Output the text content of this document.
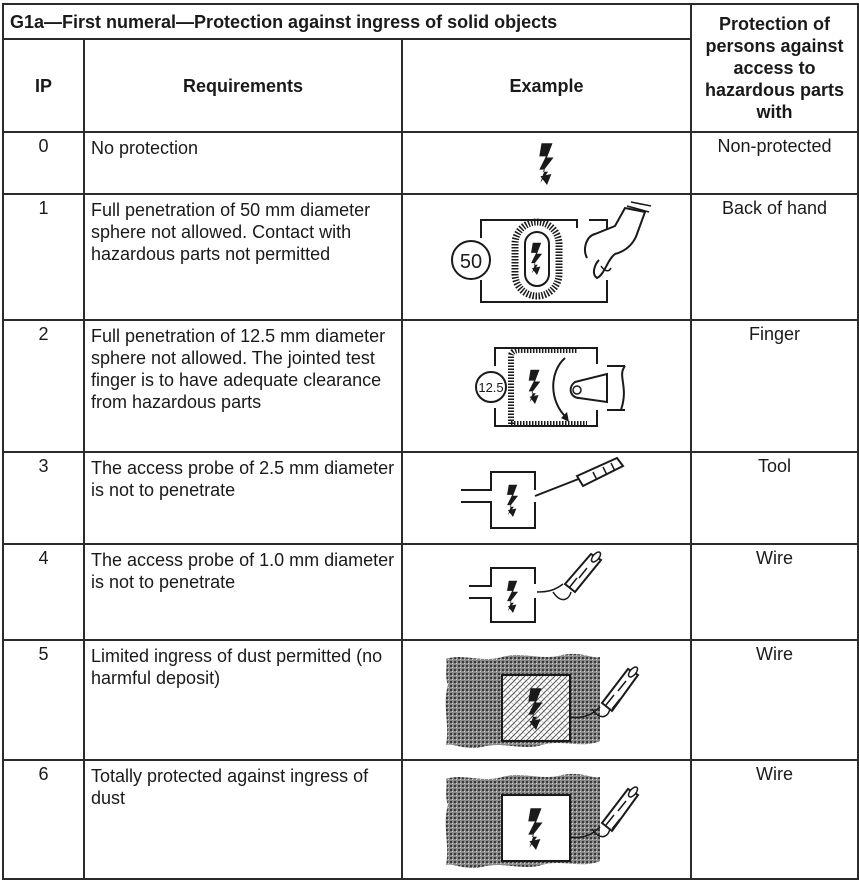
G1a—First numeral—Protection against ingress of solid objects			Protection of persons against access to hazardous parts with
IP	Requirements	Example	
0	No protection		Non-protected
1	Full penetration of 50 mm diameter sphere not allowed. Contact with hazardous parts not permitted	50	Back of hand
2	Full penetration of 12.5 mm diameter sphere not allowed. The jointed test finger is to have adequate clearance from hazardous parts	12.5	Finger
3	The access probe of 2.5 mm diameter is not to penetrate		Tool
4	The access probe of 1.0 mm diameter is not to penetrate		Wire
5	Limited ingress of dust permitted (no harmful deposit)		Wire
6	Totally protected against ingress of dust		Wire
